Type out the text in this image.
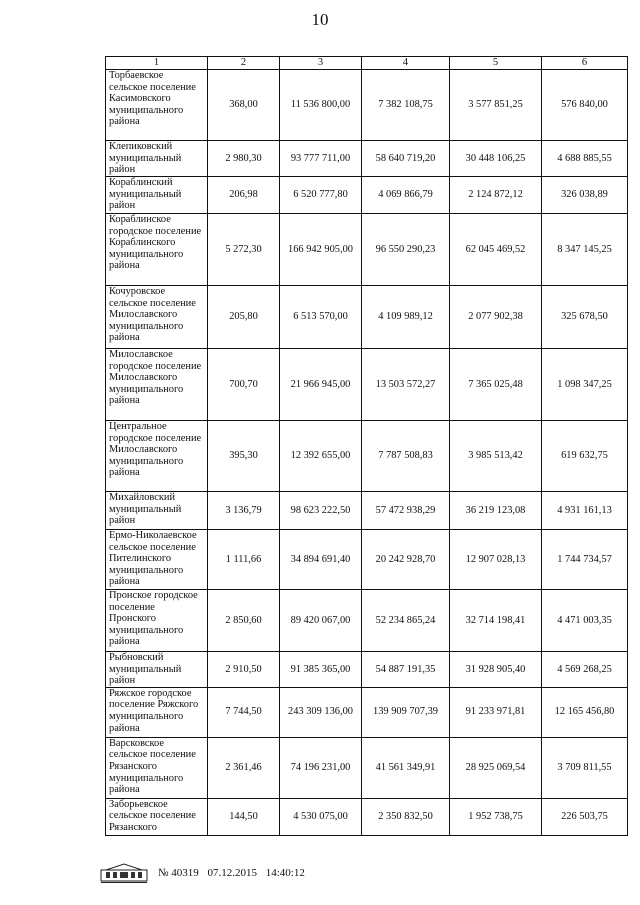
10
1	2	3	4	5	6
Торбаевское сельское поселение Касимовского муниципального района	368,00	11 536 800,00	7 382 108,75	3 577 851,25	576 840,00
Клепиковский муниципальный район	2 980,30	93 777 711,00	58 640 719,20	30 448 106,25	4 688 885,55
Кораблинский муниципальный район	206,98	6 520 777,80	4 069 866,79	2 124 872,12	326 038,89
Кораблинское городское поселение Кораблинского муниципального района	5 272,30	166 942 905,00	96 550 290,23	62 045 469,52	8 347 145,25
Кочуровское сельское поселение Милославского муниципального района	205,80	6 513 570,00	4 109 989,12	2 077 902,38	325 678,50
Милославское городское поселение Милославского муниципального района	700,70	21 966 945,00	13 503 572,27	7 365 025,48	1 098 347,25
Центральное городское поселение Милославского муниципального района	395,30	12 392 655,00	7 787 508,83	3 985 513,42	619 632,75
Михайловский муниципальный район	3 136,79	98 623 222,50	57 472 938,29	36 219 123,08	4 931 161,13
Ермо-Николаевское сельское поселение Пителинского муниципального района	1 111,66	34 894 691,40	20 242 928,70	12 907 028,13	1 744 734,57
Пронское городское поселение Пронского муниципального района	2 850,60	89 420 067,00	52 234 865,24	32 714 198,41	4 471 003,35
Рыбновский муниципальный район	2 910,50	91 385 365,00	54 887 191,35	31 928 905,40	4 569 268,25
Ряжское городское поселение Ряжского муниципального района	7 744,50	243 309 136,00	139 909 707,39	91 233 971,81	12 165 456,80
Варсковское сельское поселение Рязанского муниципального района	2 361,46	74 196 231,00	41 561 349,91	28 925 069,54	3 709 811,55
Заборьевское сельское поселение Рязанского	144,50	4 530 075,00	2 350 832,50	1 952 738,75	226 503,75
№ 40319 07.12.2015 14:40:12
